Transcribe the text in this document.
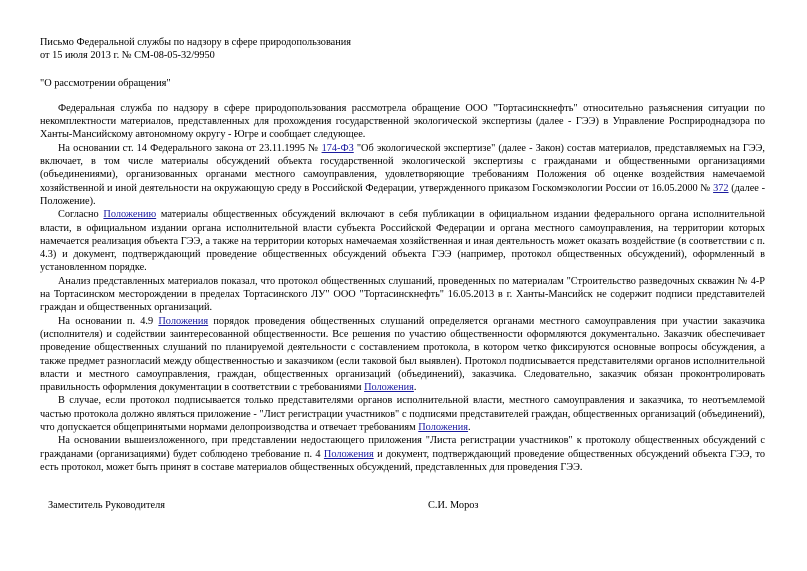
Письмо Федеральной службы по надзору в сфере природопользования
от 15 июля 2013 г. № СМ-08-05-32/9950
"О рассмотрении обращения"

Федеральная служба по надзору в сфере природопользования рассмотрела обращение ООО "Тортасинскнефть" относительно разъяснения ситуации по некомплектности материалов, представленных для прохождения государственной экологической экспертизы (далее - ГЭЭ) в Управление Росприроднадзора по Ханты-Мансийскому автономному округу - Югре и сообщает следующее.

На основании ст. 14 Федерального закона от 23.11.1995 № 174-ФЗ "Об экологической экспертизе" (далее - Закон) состав материалов, представляемых на ГЭЭ, включает, в том числе материалы обсуждений объекта государственной экологической экспертизы с гражданами и общественными организациями (объединениями), организованных органами местного самоуправления, удовлетворяющие требованиям Положения об оценке воздействия намечаемой хозяйственной и иной деятельности на окружающую среду в Российской Федерации, утвержденного приказом Госкомэкологии России от 16.05.2000 № 372 (далее - Положение).

Согласно Положению материалы общественных обсуждений включают в себя публикации в официальном издании федерального органа исполнительной власти, в официальном издании органа исполнительной власти субъекта Российской Федерации и органа местного самоуправления, на территории которых намечается реализация объекта ГЭЭ, а также на территории которых намечаемая хозяйственная и иная деятельность может оказать воздействие (в соответствии с п. 4.3) и документ, подтверждающий проведение общественных обсуждений объекта ГЭЭ (например, протокол общественных обсуждений), оформленный в установленном порядке.

Анализ представленных материалов показал, что протокол общественных слушаний, проведенных по материалам "Строительство разведочных скважин № 4-Р на Тортасинском месторождении в пределах Тортасинского ЛУ" ООО "Тортасинскнефть" 16.05.2013 в г. Ханты-Мансийск не содержит подписи представителей граждан и общественных организаций.

На основании п. 4.9 Положения порядок проведения общественных слушаний определяется органами местного самоуправления при участии заказчика (исполнителя) и содействии заинтересованной общественности. Все решения по участию общественности оформляются документально. Заказчик обеспечивает проведение общественных слушаний по планируемой деятельности с составлением протокола, в котором четко фиксируются основные вопросы обсуждения, а также предмет разногласий между общественностью и заказчиком (если таковой был выявлен). Протокол подписывается представителями органов исполнительной власти и местного самоуправления, граждан, общественных организаций (объединений), заказчика. Следовательно, заказчик обязан проконтролировать правильность оформления документации в соответствии с требованиями Положения.

В случае, если протокол подписывается только представителями органов исполнительной власти, местного самоуправления и заказчика, то неотъемлемой частью протокола должно являться приложение - "Лист регистрации участников" с подписями представителей граждан, общественных организаций (объединений), что допускается общепринятыми нормами делопроизводства и отвечает требованиям Положения.

На основании вышеизложенного, при представлении недостающего приложения "Листа регистрации участников" к протоколу общественных обсуждений с гражданами (организациями) будет соблюдено требование п. 4 Положения и документ, подтверждающий проведение общественных обсуждений объекта ГЭЭ, то есть протокол, может быть принят в составе материалов общественных обсуждений, представленных для проведения ГЭЭ.

Заместитель Руководителя	С.И. Мороз
